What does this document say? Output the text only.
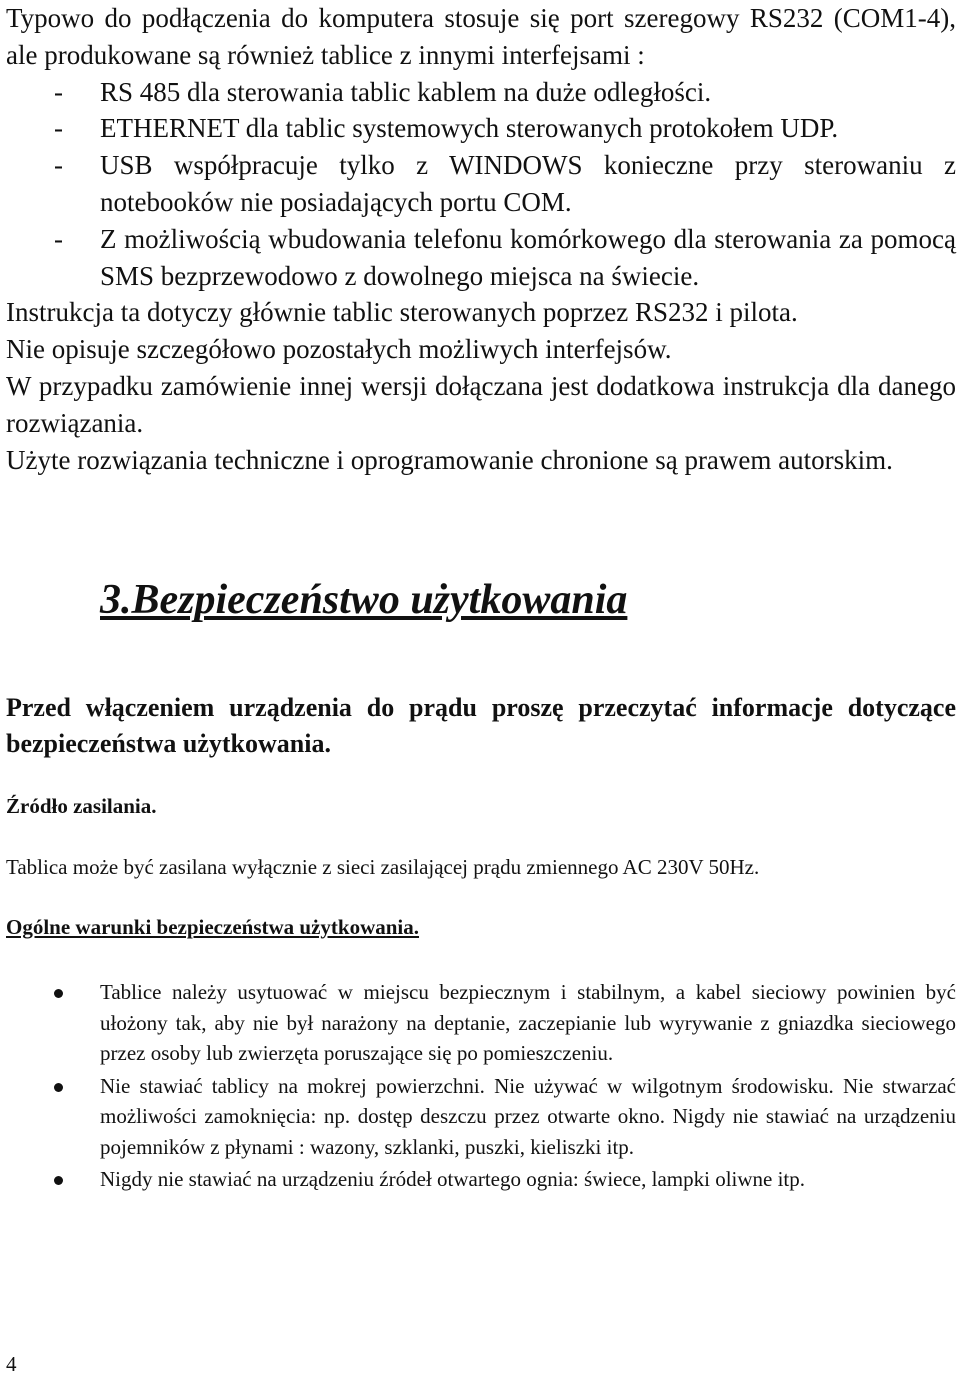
Typowo do podłączenia do komputera stosuje się port szeregowy RS232 (COM1-4), ale produkowane są również tablice z innymi interfejsami :

- RS 485 dla sterowania tablic kablem na duże odległości.

- ETHERNET dla tablic systemowych sterowanych protokołem UDP.

- USB współpracuje tylko z WINDOWS konieczne przy sterowaniu z notebooków nie posiadających portu COM.

- Z możliwością wbudowania telefonu komórkowego dla sterowania za pomocą SMS bezprzewodowo z dowolnego miejsca na świecie.

Instrukcja ta dotyczy głównie tablic sterowanych poprzez RS232 i pilota.

Nie opisuje szczegółowo pozostałych możliwych interfejsów.

W przypadku zamówienie innej wersji dołączana jest dodatkowa instrukcja dla danego rozwiązania.

Użyte rozwiązania techniczne i oprogramowanie chronione są prawem autorskim.

3.Bezpieczeństwo użytkowania

Przed włączeniem urządzenia do prądu proszę przeczytać informacje dotyczące bezpieczeństwa użytkowania.

Źródło zasilania.

Tablica może być zasilana wyłącznie z sieci zasilającej prądu zmiennego AC 230V 50Hz.

Ogólne warunki bezpieczeństwa użytkowania.

Tablice należy usytuować w miejscu bezpiecznym i stabilnym, a kabel sieciowy powinien być ułożony tak, aby nie był narażony na deptanie, zaczepianie lub wyrywanie z gniazdka sieciowego przez osoby lub zwierzęta poruszające się po pomieszczeniu.
Nie stawiać tablicy na mokrej powierzchni. Nie używać w wilgotnym środowisku. Nie stwarzać możliwości zamoknięcia: np. dostęp deszczu przez otwarte okno. Nigdy nie stawiać na urządzeniu pojemników z płynami : wazony, szklanki, puszki, kieliszki itp.
Nigdy nie stawiać na urządzeniu źródeł otwartego ognia: świece, lampki oliwne itp.

4
